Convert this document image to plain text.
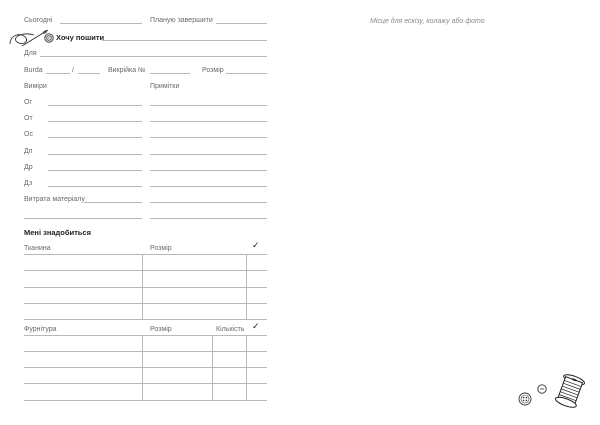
Сьогодні	Планую завершити
Хочу пошити
Для
Burda	/	Викрійка №	Розмір
Виміри	Примітки
Ог
От
Ос
Дп
Др
Дз
Витрата матеріалу
Мені знадобиться
Тканина	Розмір	✓
Фурнітура	Розмір	Кількість ✓
Місце для ескізу, колажу або фото
